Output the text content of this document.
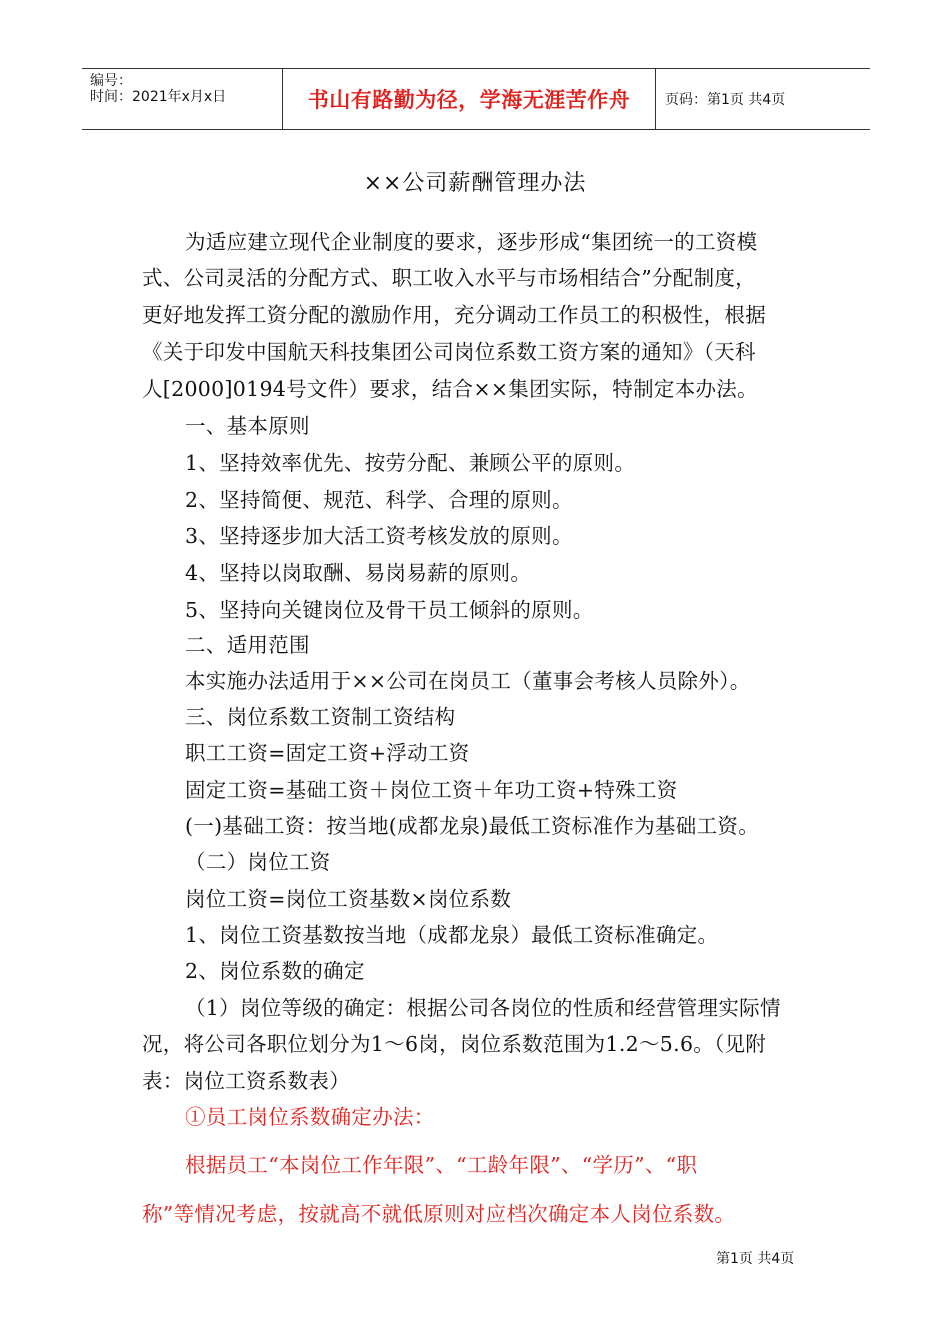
编号：
时间：2021年x月x日	书山有路勤为径，学海无涯苦作舟 页码：第1页 共4页
××公司薪酬管理办法
为适应建立现代企业制度的要求，逐步形成“集团统一的工资模
式、公司灵活的分配方式、职工收入水平与市场相结合”分配制度，
更好地发挥工资分配的激励作用，充分调动工作员工的积极性，根据
《关于印发中国航天科技集团公司岗位系数工资方案的通知》（天科
人[2000]0194号文件）要求，结合××集团实际，特制定本办法。
一、基本原则
1、坚持效率优先、按劳分配、兼顾公平的原则。
2、坚持简便、规范、科学、合理的原则。
3、坚持逐步加大活工资考核发放的原则。
4、坚持以岗取酬、易岗易薪的原则。
5、坚持向关键岗位及骨干员工倾斜的原则。
二、适用范围
本实施办法适用于××公司在岗员工（董事会考核人员除外）。
三、岗位系数工资制工资结构
职工工资=固定工资+浮动工资
固定工资=基础工资＋岗位工资＋年功工资+特殊工资
(一)基础工资：按当地(成都龙泉)最低工资标准作为基础工资。
（二）岗位工资
岗位工资=岗位工资基数×岗位系数
1、岗位工资基数按当地（成都龙泉）最低工资标准确定。
2、岗位系数的确定
（1）岗位等级的确定：根据公司各岗位的性质和经营管理实际情
况，将公司各职位划分为1～6岗，岗位系数范围为1.2～5.6。（见附
表：岗位工资系数表）
①员工岗位系数确定办法：
根据员工“本岗位工作年限”、“工龄年限”、“学历”、“职
称”等情况考虑，按就高不就低原则对应档次确定本人岗位系数。
第1页 共4页
